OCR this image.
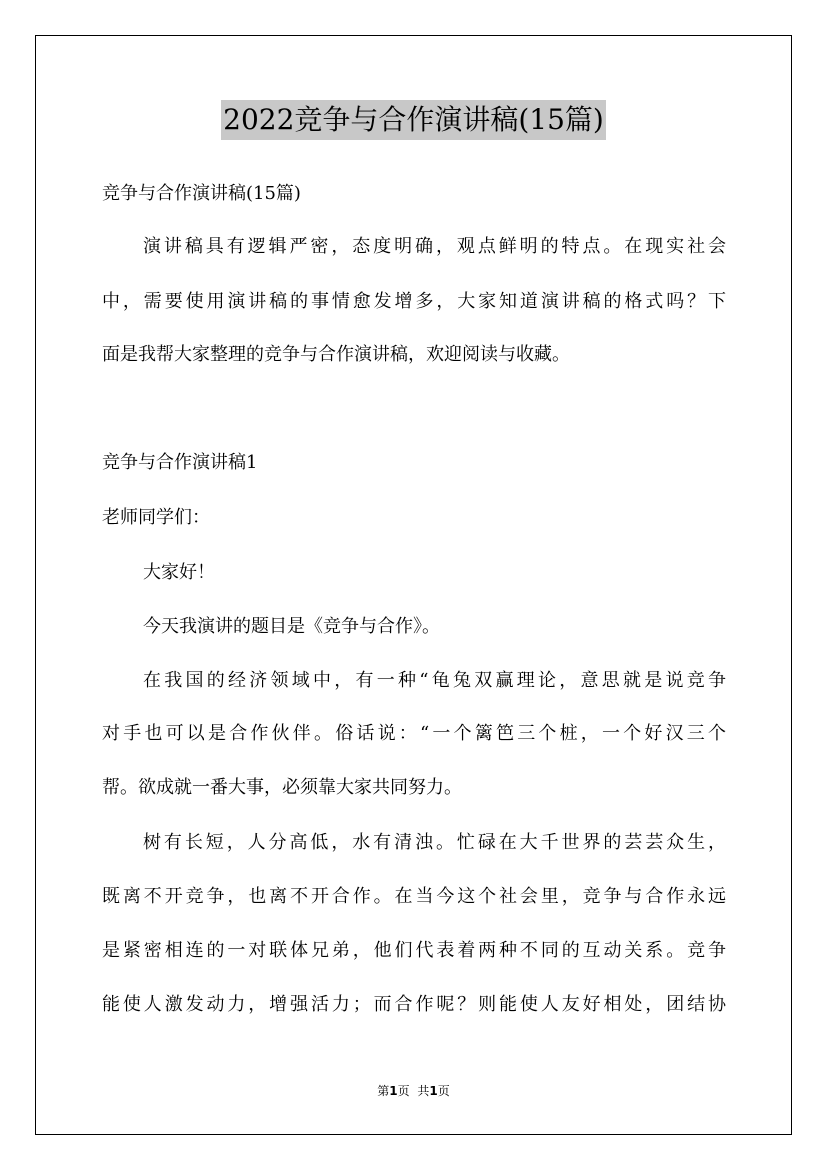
2022竞争与合作演讲稿(15篇)
竞争与合作演讲稿(15篇)
演讲稿具有逻辑严密，态度明确，观点鲜明的特点。在现实社会
中，需要使用演讲稿的事情愈发增多，大家知道演讲稿的格式吗？下
面是我帮大家整理的竞争与合作演讲稿，欢迎阅读与收藏。
竞争与合作演讲稿1
老师同学们：
大家好！
今天我演讲的题目是《竞争与合作》。
在我国的经济领域中，有一种“龟兔双赢理论，意思就是说竞争
对手也可以是合作伙伴。俗话说：“一个篱笆三个桩，一个好汉三个
帮。欲成就一番大事，必须靠大家共同努力。
树有长短，人分高低，水有清浊。忙碌在大千世界的芸芸众生，
既离不开竞争，也离不开合作。在当今这个社会里，竞争与合作永远
是紧密相连的一对联体兄弟，他们代表着两种不同的互动关系。竞争
能使人激发动力，增强活力；而合作呢？则能使人友好相处，团结协
第1页 共1页
